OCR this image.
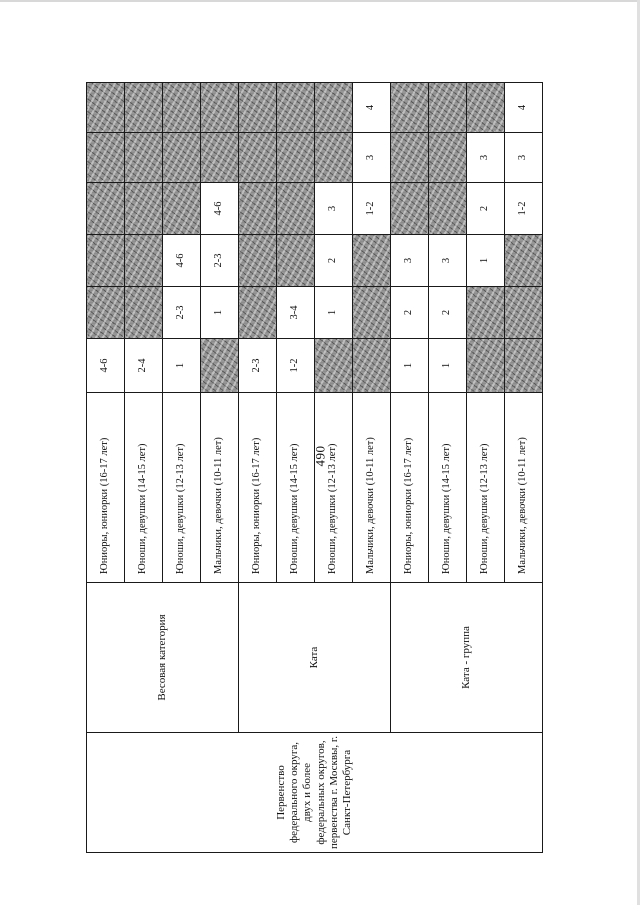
490
Первенство федерального округа, двух и более федеральных округов, первенства г. Москвы, г. Санкт-Петербурга	Весовая категория	Юниоры, юниорки (16-17 лет)	4-6					
		Юноши, девушки (14-15 лет)	2-4					
		Юноши, девушки (12-13 лет)	1	2-3	4-6			
		Мальчики, девочки (10-11 лет)		1	2-3	4-6		
	Ката	Юниоры, юниорки (16-17 лет)	2-3					
		Юноши, девушки (14-15 лет)	1-2	3-4				
		Юноши, девушки (12-13 лет)		1	2	3		
		Мальчики, девочки (10-11 лет)				1-2	3	4
	Ката - группа	Юниоры, юниорки (16-17 лет)	1	2	3			
		Юноши, девушки (14-15 лет)	1	2	3			
		Юноши, девушки (12-13 лет)			1	2	3	
		Мальчики, девочки (10-11 лет)				1-2	3	4
